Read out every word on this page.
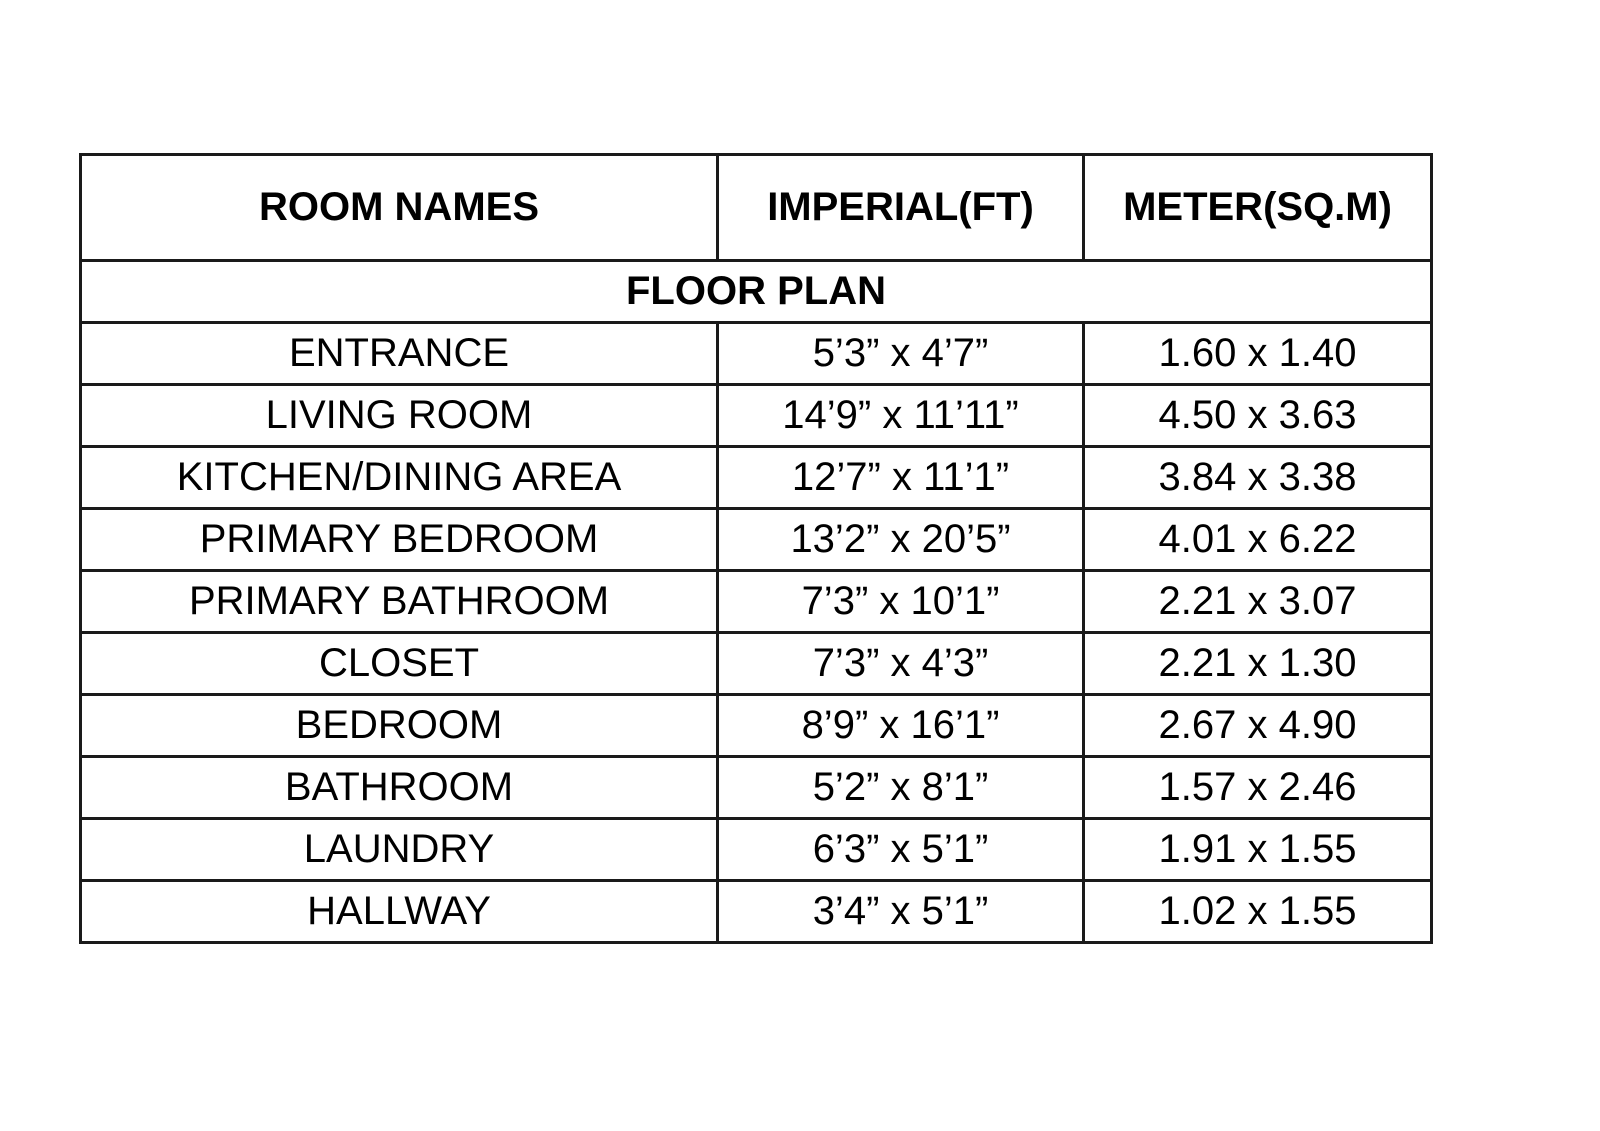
ROOM NAMES	IMPERIAL(FT)	METER(SQ.M)
FLOOR PLAN		
ENTRANCE	5’3” x 4’7”	1.60 x 1.40
LIVING ROOM	14’9” x 11’11”	4.50 x 3.63
KITCHEN/DINING AREA	12’7” x 11’1”	3.84 x 3.38
PRIMARY BEDROOM	13’2” x 20’5”	4.01 x 6.22
PRIMARY BATHROOM	7’3” x 10’1”	2.21 x 3.07
CLOSET	7’3” x 4’3”	2.21 x 1.30
BEDROOM	8’9” x 16’1”	2.67 x 4.90
BATHROOM	5’2” x 8’1”	1.57 x 2.46
LAUNDRY	6’3” x 5’1”	1.91 x 1.55
HALLWAY	3’4” x 5’1”	1.02 x 1.55
